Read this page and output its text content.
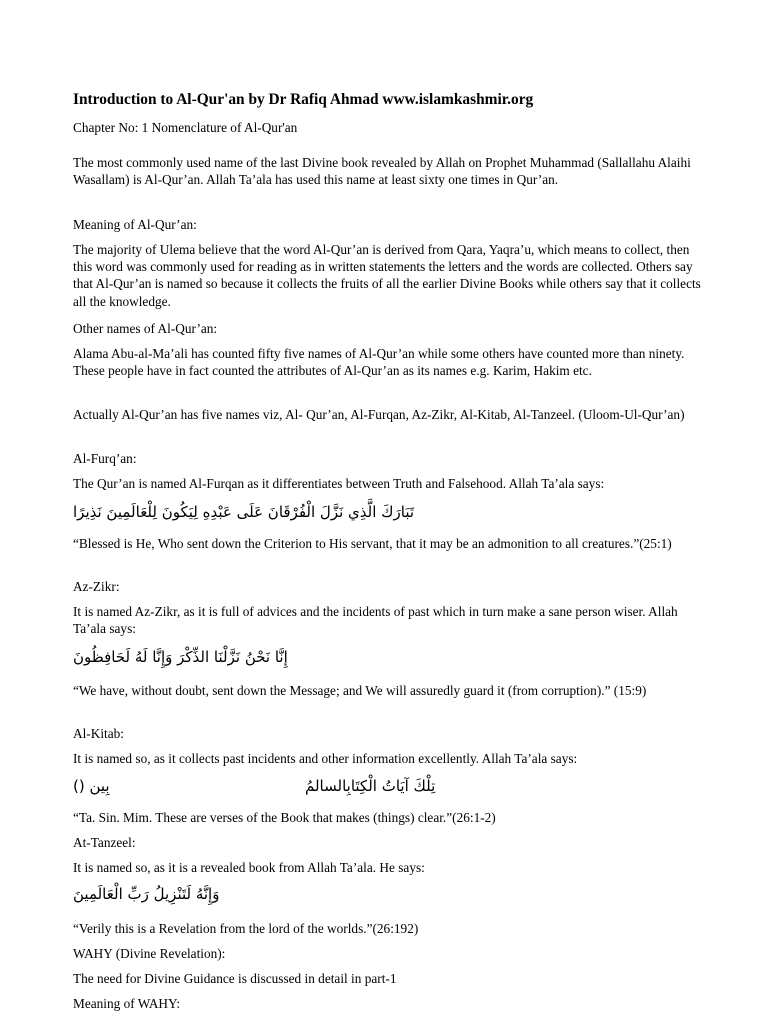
Introduction to Al-Qur'an by Dr Rafiq Ahmad www.islamkashmir.org

Chapter No: 1 Nomenclature of Al-Qur'an

The most commonly used name of the last Divine book revealed by Allah on Prophet Muhammad (Sallallahu Alaihi Wasallam) is Al-Qur’an. Allah Ta’ala has used this name at least sixty one times in Qur’an.

Meaning of Al-Qur’an:

The majority of Ulema believe that the word Al-Qur’an is derived from Qara, Yaqra’u, which means to collect, then this word was commonly used for reading as in written statements the letters and the words are collected. Others say that Al-Qur’an is named so because it collects the fruits of all the earlier Divine Books while others say that it collects all the knowledge.

Other names of Al-Qur’an:

Alama Abu-al-Ma’ali has counted fifty five names of Al-Qur’an while some others have counted more than ninety. These people have in fact counted the attributes of Al-Qur’an as its names e.g. Karim, Hakim etc.

Actually Al-Qur’an has five names viz, Al- Qur’an, Al-Furqan, Az-Zikr, Al-Kitab, Al-Tanzeel. (Uloom-Ul-Qur’an)

Al-Furq’an:

The Qur’an is named Al-Furqan as it differentiates between Truth and Falsehood. Allah Ta’ala says:

تَبَارَكَ الَّذِي نَزَّلَ الْفُرْقَانَ عَلَى عَبْدِهِ لِيَكُونَ لِلْعَالَمِينَ نَذِيرًا

“Blessed is He, Who sent down the Criterion to His servant, that it may be an admonition to all creatures.”(25:1)

Az-Zikr:

It is named Az-Zikr, as it is full of advices and the incidents of past which in turn make a sane person wiser. Allah Ta’ala says:

إِنَّا نَحْنُ نَزَّلْنَا الذِّكْرَ وَإِنَّا لَهُ لَحَافِظُونَ

“We have, without doubt, sent down the Message; and We will assuredly guard it (from corruption).” (15:9)

Al-Kitab:

It is named so, as it collects past incidents and other information excellently. Allah Ta’ala says:

بِين ()	تِلْكَ آيَاتُ الْكِتَابِالسالمُ

“Ta. Sin. Mim. These are verses of the Book that makes (things) clear.”(26:1-2)

At-Tanzeel:

It is named so, as it is a revealed book from Allah Ta’ala. He says:

وَإِنَّهُ لَتَنْزِيلُ رَبِّ الْعَالَمِينَ

“Verily this is a Revelation from the lord of the worlds.”(26:192)

WAHY (Divine Revelation):

The need for Divine Guidance is discussed in detail in part-1

Meaning of WAHY:
